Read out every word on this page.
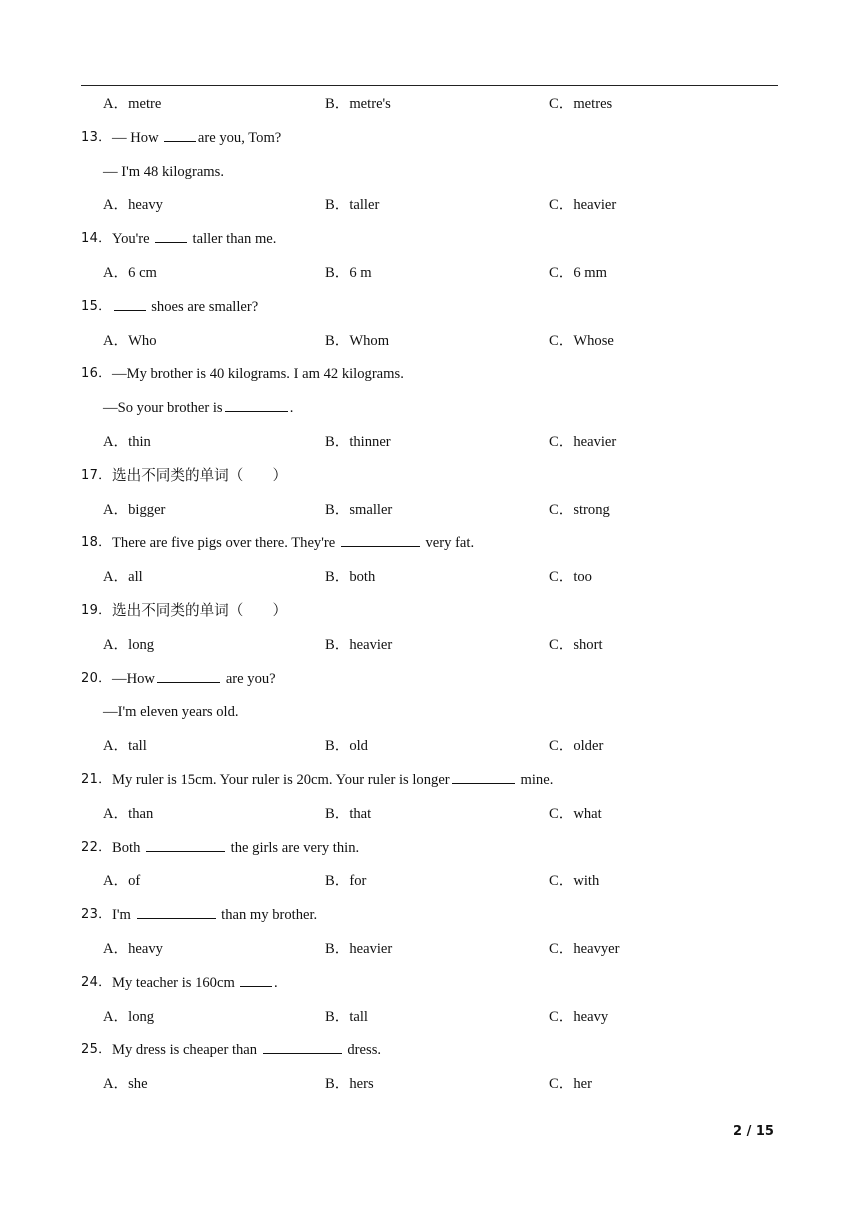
A．metre	B．metre's	C．metres
13． — How are you, Tom?
— I'm 48 kilograms.
A．heavy	B．taller	C．heavier
14． You're  taller than me.
A．6 cm	B．6 m	C．6 mm
15．	shoes are smaller?
A．Who	B．Whom	C．Whose
16． —My brother is 40 kilograms. I am 42 kilograms.
—So your brother is	.
A．thin	B．thinner	C．heavier
17． 选出不同类的单词（　　）
A．bigger	B．smaller	C．strong
18． There are five pigs over there. They're	very fat.
A．all	B．both	C．too
19． 选出不同类的单词（　　）
A．long	B．heavier	C．short
20． —How	are you?
—I'm eleven years old.
A．tall	B．old	C．older
21． My ruler is 15cm. Your ruler is 20cm. Your ruler is longer	mine.
A．than	B．that	C．what
22． Both	the girls are very thin.
A．of	B．for	C．with
23． I'm	than my brother.
A．heavy	B．heavier	C．heavyer
24． My teacher is 160cm .
A．long	B．tall	C．heavy
25． My dress is cheaper than	dress.
A．she	B．hers	C．her
2 / 15
